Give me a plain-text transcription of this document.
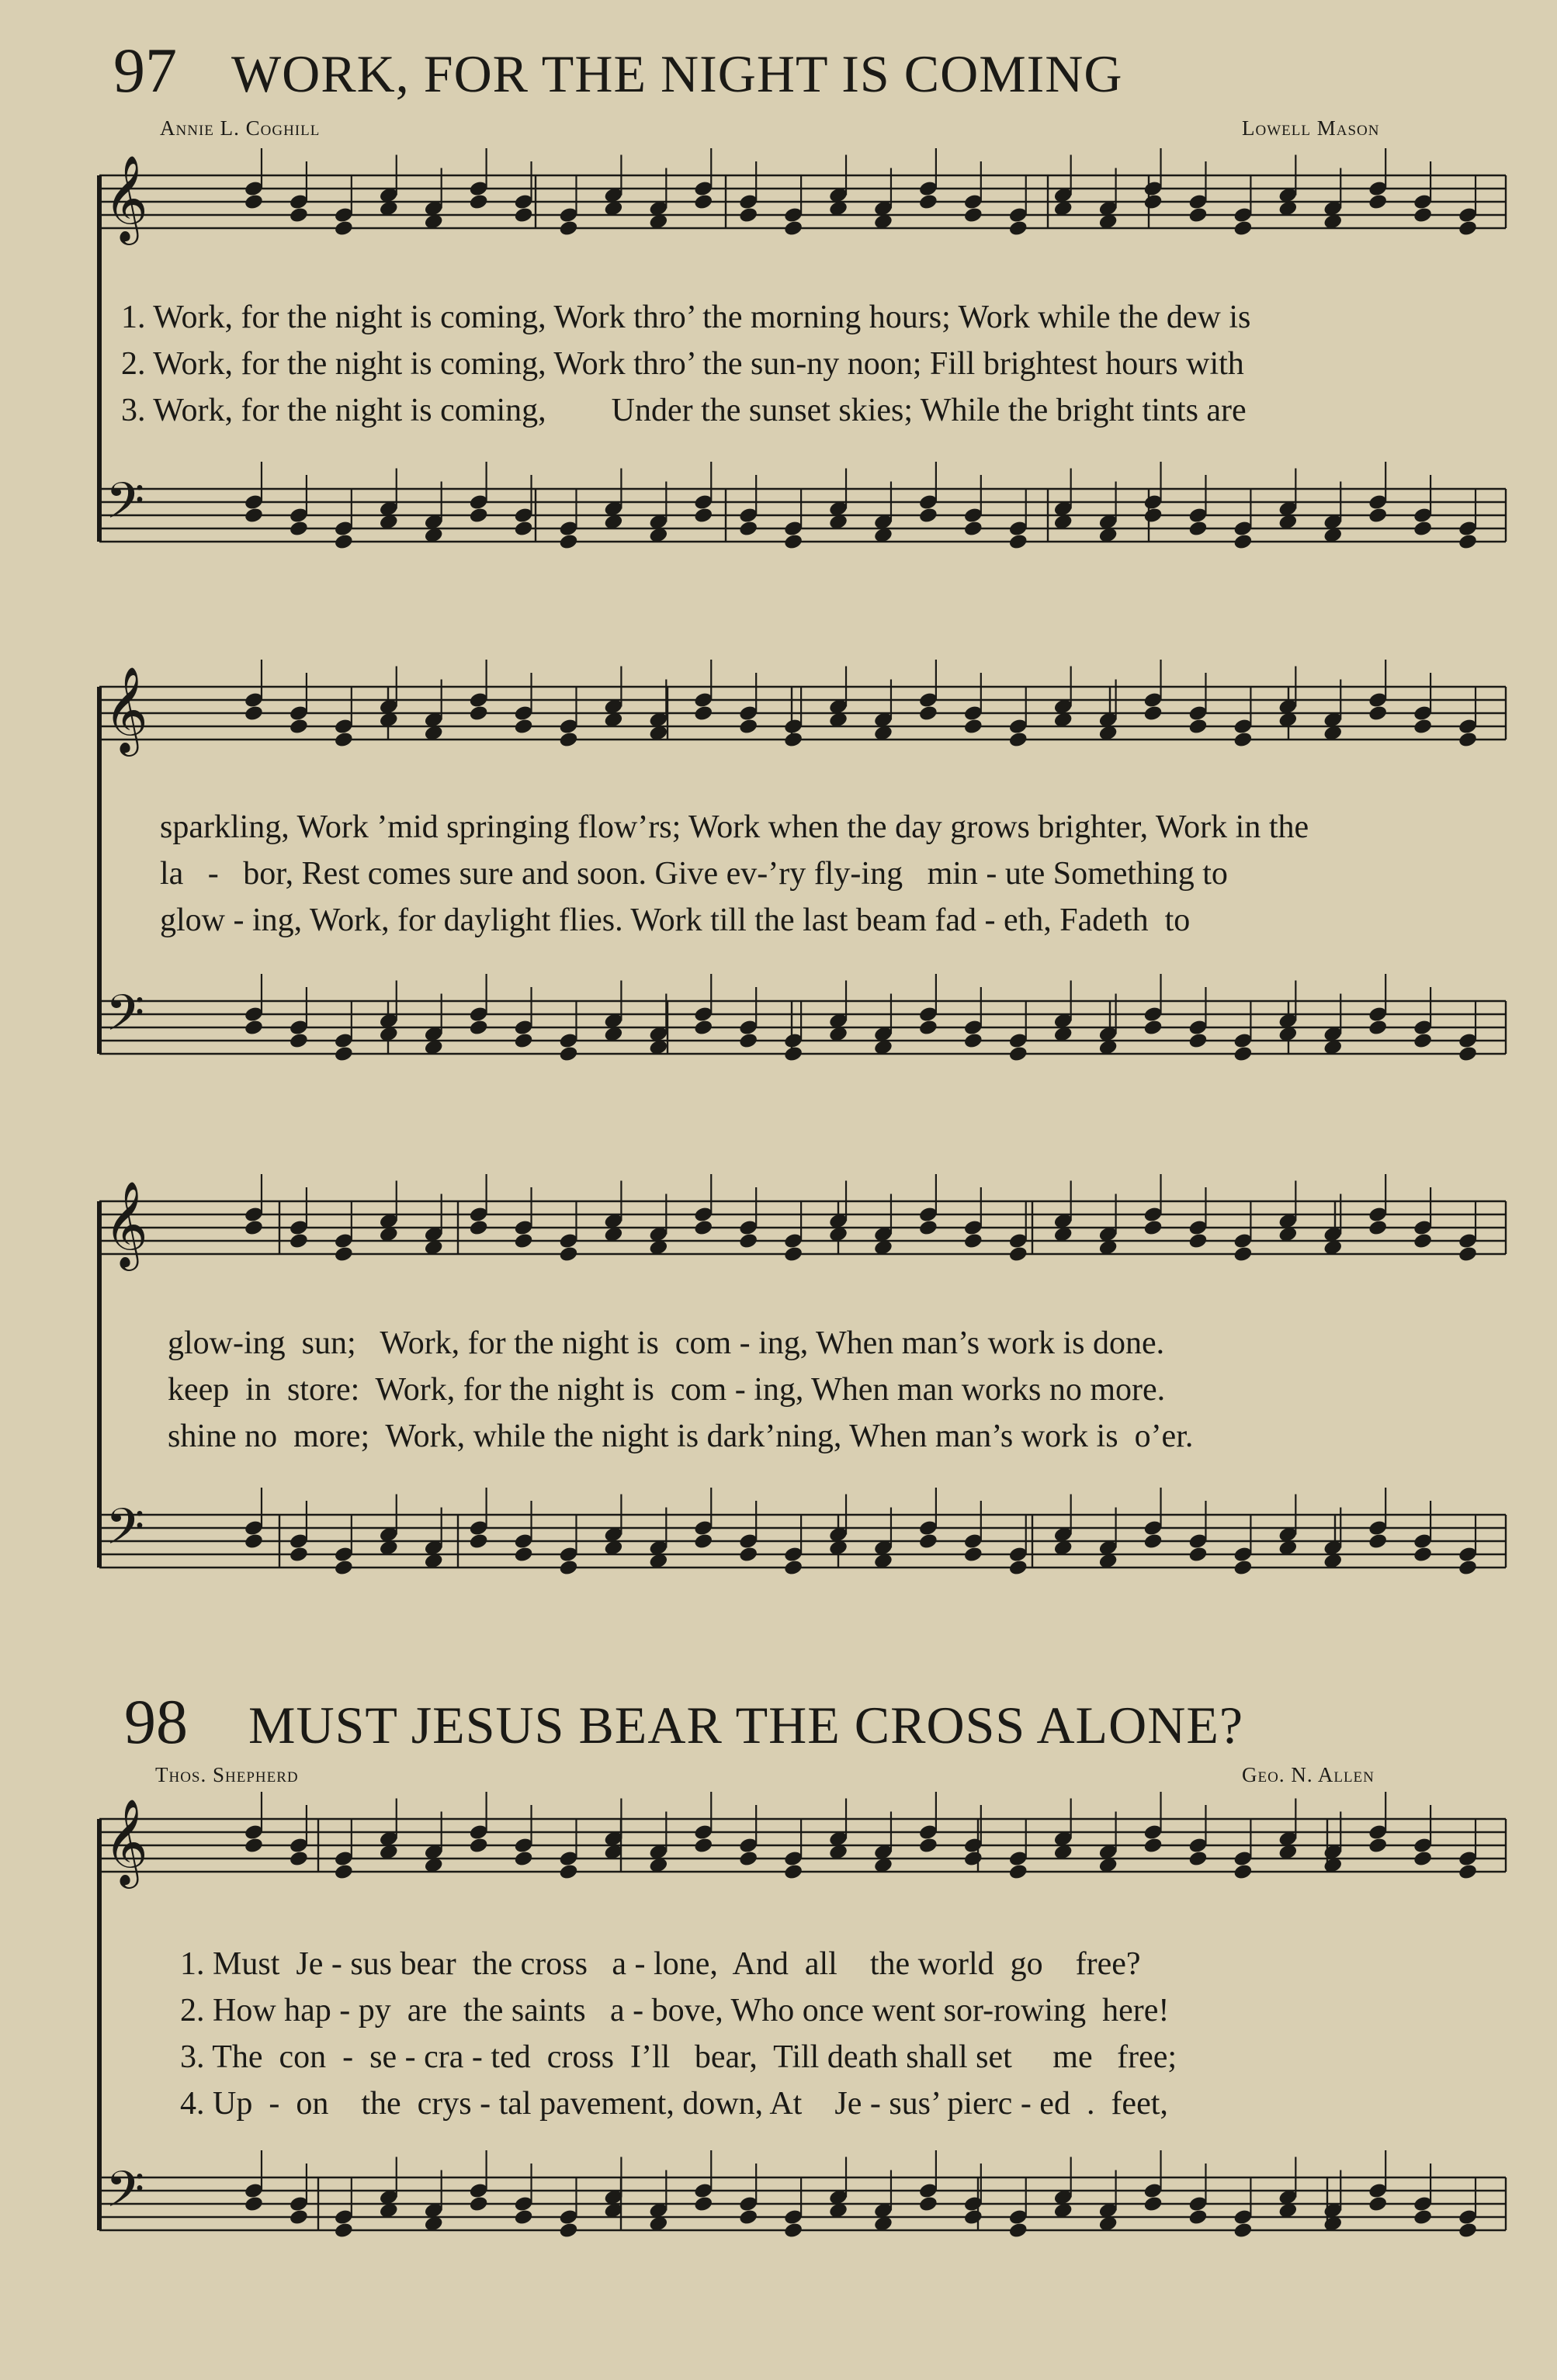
97 WORK, FOR THE NIGHT IS COMING
Annie L. Coghill	Lowell Mason
1. Work, for the night is coming, Work thro’ the morning hours; Work while the dew is
2. Work, for the night is coming, Work thro’ the sun-ny noon; Fill brightest hours with
3. Work, for the night is coming,        Under the sunset skies; While the bright tints are
sparkling, Work ’mid springing flow’rs; Work when the day grows brighter, Work in the
la   -   bor, Rest comes sure and soon. Give ev-’ry fly-ing   min - ute Something to
glow - ing, Work, for daylight flies. Work till the last beam fad - eth, Fadeth  to
glow-ing  sun;   Work, for the night is  com - ing, When man’s work is done.
keep  in  store:  Work, for the night is  com - ing, When man works no more.
shine no  more;  Work, while the night is dark’ning, When man’s work is  o’er.
98 MUST JESUS BEAR THE CROSS ALONE?
Thos. Shepherd	Geo. N. Allen
1. Must  Je - sus bear  the cross   a - lone,  And  all    the world  go    free?
2. How hap - py  are  the saints   a - bove, Who once went sor-rowing  here!
3. The  con  -  se - cra - ted  cross  I’ll   bear,  Till death shall set     me   free;
4. Up  -  on    the  crys - tal pavement, down, At    Je - sus’ pierc - ed  .  feet,
𝄞
𝄢
𝄞
𝄢
𝄞
𝄢
𝄞
𝄢
